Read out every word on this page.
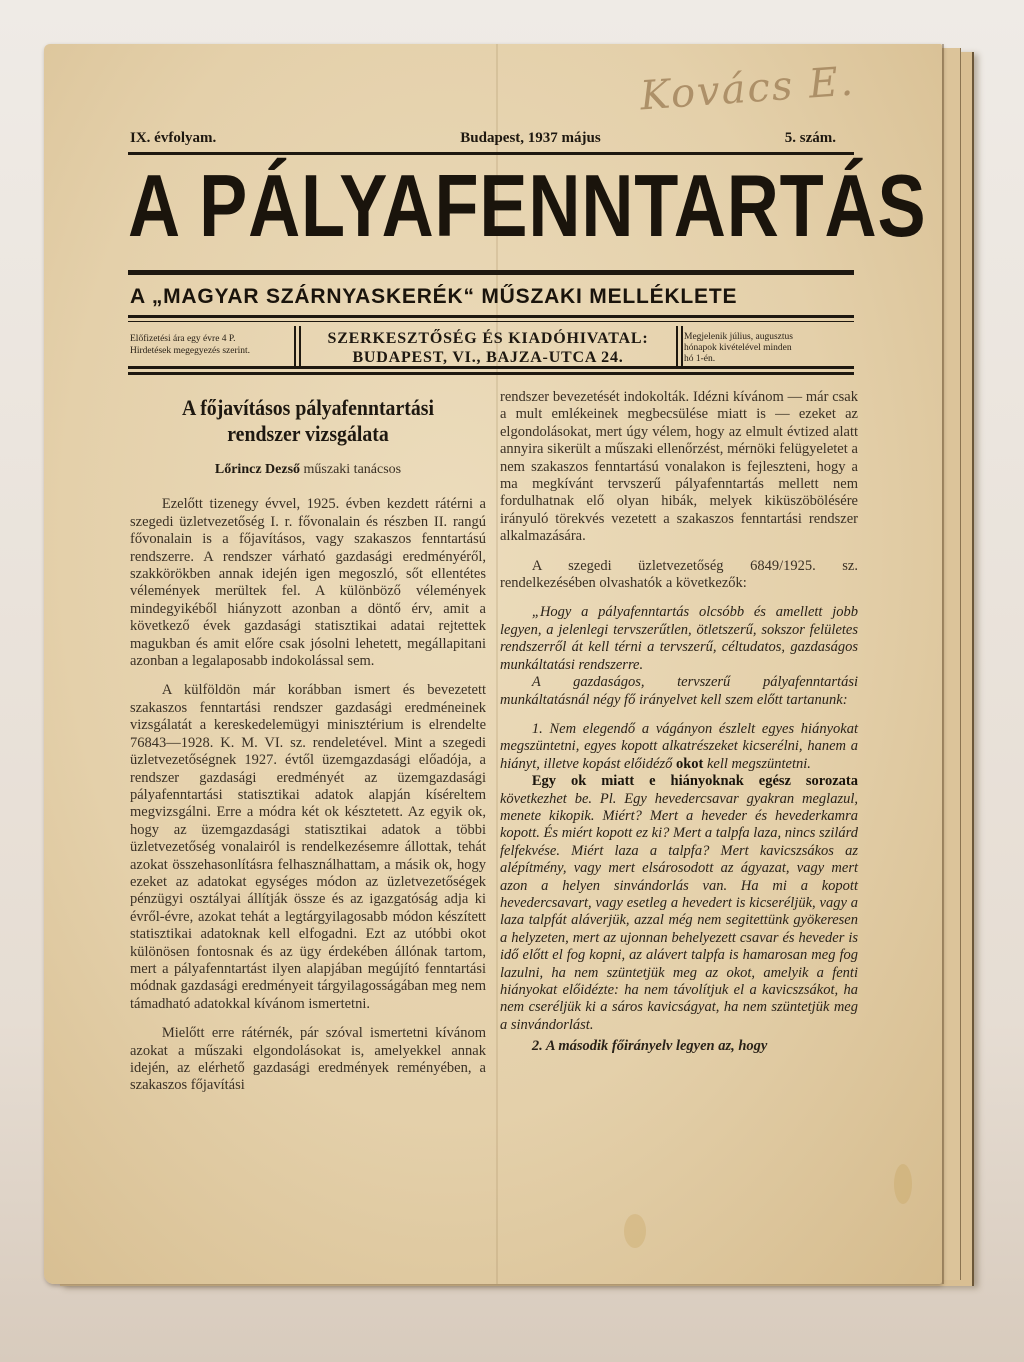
Kovács E.
IX. évfolyam.	Budapest, 1937 május	5. szám.
A PÁLYAFENNTARTÁS
A „MAGYAR SZÁRNYASKERÉK“ MŰSZAKI MELLÉKLETE
Előfizetési ára egy évre 4 P.
Hirdetések megegyezés szerint.
SZERKESZTŐSÉG ÉS KIADÓHIVATAL:
BUDAPEST, VI., BAJZA-UTCA 24.
Megjelenik július, augusztus
hónapok kivételével minden
hó 1-én.
A főjavításos pályafenntartási
rendszer vizsgálata
Lőrincz Dezső műszaki tanácsos

Ezelőtt tizenegy évvel, 1925. évben kezdett rátérni a szegedi üzletvezetőség I. r. fővonalain és részben II. rangú fővonalain is a főjavításos, vagy szakaszos fenntartású rendszerre. A rendszer várható gazdasági eredményéről, szakkörökben annak idején igen megoszló, sőt ellentétes vélemények merültek fel. A különböző vélemények mindegyikéből hiányzott azonban a döntő érv, amit a következő évek gazdasági statisztikai adatai rejtettek magukban és amit előre csak jósolni lehetett, megállapitani azonban a legalaposabb indokolással sem.

A külföldön már korábban ismert és bevezetett szakaszos fenntartási rendszer gazdasági eredméneinek vizsgálatát a kereskedelemügyi minisztérium is elrendelte 76843—1928. K. M. VI. sz. rendeletével. Mint a szegedi üzletvezetőségnek 1927. évtől üzemgazdasági előadója, a rendszer gazdasági eredményét az üzemgazdasági pályafenntartási statisztikai adatok alapján kíséreltem megvizsgálni. Erre a módra két ok késztetett. Az egyik ok, hogy az üzemgazdasági statisztikai adatok a többi üzletvezetőség vonalairól is rendelkezésemre állottak, tehát azokat összehasonlításra felhasználhattam, a másik ok, hogy ezeket az adatokat egységes módon az üzletvezetőségek pénzügyi osztályai állítják össze és az igazgatóság adja ki évről-évre, azokat tehát a legtárgyilagosabb módon készített statisztikai adatoknak kell elfogadni. Ezt az utóbbi okot különösen fontosnak és az ügy érdekében állónak tartom, mert a pályafenntartást ilyen alapjában megújító fenntartási módnak gazdasági eredményeit tárgyilagosságában meg nem támadható adatokkal kívánom ismertetni.

Mielőtt erre rátérnék, pár szóval ismertetni kívánom azokat a műszaki elgondolásokat is, amelyekkel annak idején, az elérhető gazdasági eredmények reményében, a szakaszos főjavítási

rendszer bevezetését indokolták. Idézni kívánom — már csak a mult emlékeinek megbecsülése miatt is — ezeket az elgondolásokat, mert úgy vélem, hogy az elmult évtized alatt annyira sikerült a műszaki ellenőrzést, mérnöki felügyeletet a nem szakaszos fenntartású vonalakon is fejleszteni, hogy a ma megkívánt tervszerű pályafenntartás mellett nem fordulhatnak elő olyan hibák, melyek kiküszöbölésére irányuló törekvés vezetett a szakaszos fenntartási rendszer alkalmazására.

A szegedi üzletvezetőség 6849/1925. sz. rendelkezésében olvashatók a következők:

„Hogy a pályafenntartás olcsóbb és amellett jobb legyen, a jelenlegi tervszerűtlen, ötletszerű, sokszor felületes rendszerről át kell térni a tervszerű, céltudatos, gazdaságos munkáltatási rendszerre.

A gazdaságos, tervszerű pályafenntartási munkáltatásnál négy fő irányelvet kell szem előtt tartanunk:

1. Nem elegendő a vágányon észlelt egyes hiányokat megszüntetni, egyes kopott alkatrészeket kicserélni, hanem a hiányt, illetve kopást előidéző okot kell megszüntetni.

Egy ok miatt e hiányoknak egész sorozata következhet be. Pl. Egy hevedercsavar gyakran meglazul, menete kikopik. Miért? Mert a heveder és hevederkamra kopott. És miért kopott ez ki? Mert a talpfa laza, nincs szilárd felfekvése. Miért laza a talpfa? Mert kavicszsákos az alépítmény, vagy mert elsárosodott az ágyazat, vagy mert azon a helyen sinvándorlás van. Ha mi a kopott hevedercsavart, vagy esetleg a hevedert is kicseréljük, vagy a laza talpfát aláverjük, azzal még nem segitettünk gyökeresen a helyzeten, mert az ujonnan behelyezett csavar és heveder is idő előtt el fog kopni, az alávert talpfa is hamarosan meg fog lazulni, ha nem szüntetjük meg az okot, amelyik a fenti hiányokat előidézte: ha nem távolítjuk el a kavicszsákot, ha nem cseréljük ki a sáros kavicságyat, ha nem szüntetjük meg a sinvándorlást.

2. A második főirányelv legyen az, hogy
